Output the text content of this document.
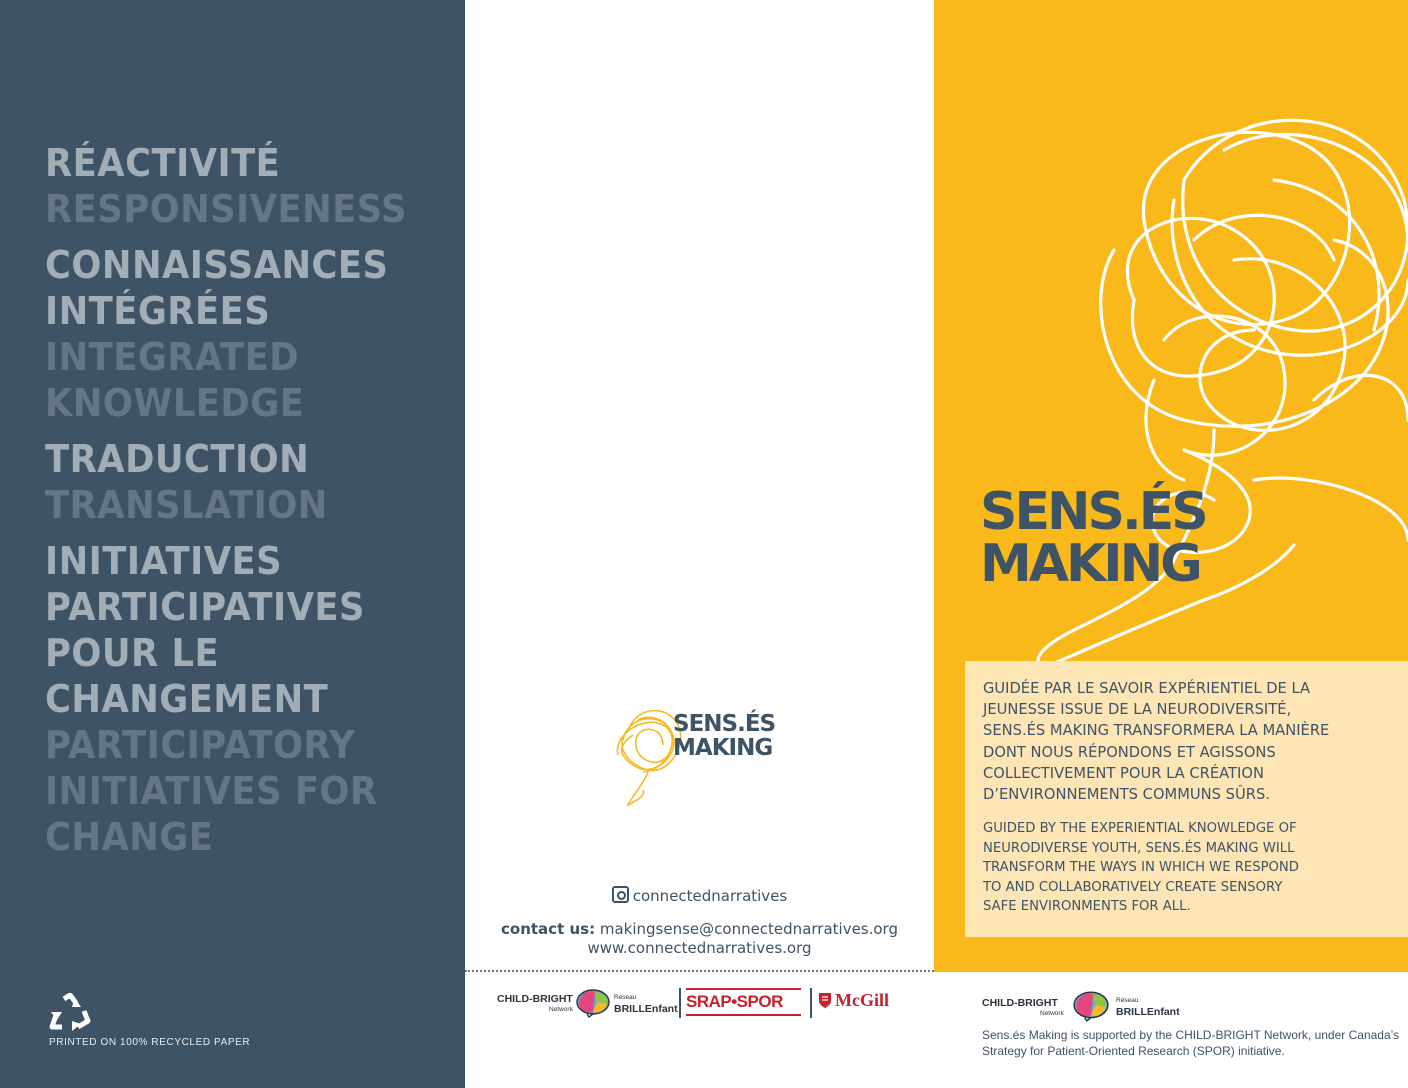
RÉACTIVITÉ
RESPONSIVENESS
CONNAISSANCES
INTÉGRÉES
INTEGRATED
KNOWLEDGE
TRADUCTION
TRANSLATION
INITIATIVES
PARTICIPATIVES
POUR LE
CHANGEMENT
PARTICIPATORY
INITIATIVES FOR
CHANGE
PRINTED ON 100% RECYCLED PAPER
SENS.ÉS
MAKING
connectednarratives
contact us: makingsense@connectednarratives.org
www.connectednarratives.org
CHILD-BRIGHT
Network
Réseau
BRILLEnfant SRAP•SPOR	McGill
SENS.ÉS
MAKING
GUIDÉE PAR LE SAVOIR EXPÉRIENTIEL DE LA
JEUNESSE ISSUE DE LA NEURODIVERSITÉ,
SENS.ÉS MAKING TRANSFORMERA LA MANIÈRE
DONT NOUS RÉPONDONS ET AGISSONS
COLLECTIVEMENT POUR LA CRÉATION
D’ENVIRONNEMENTS COMMUNS SÛRS.
GUIDED BY THE EXPERIENTIAL KNOWLEDGE OF
NEURODIVERSE YOUTH, SENS.ÉS MAKING WILL
TRANSFORM THE WAYS IN WHICH WE RESPOND
TO AND COLLABORATIVELY CREATE SENSORY
SAFE ENVIRONMENTS FOR ALL.
CHILD-BRIGHT
Network
Réseau
BRILLEnfant
Sens.és Making is supported by the CHILD-BRIGHT Network, under Canada’s Strategy for Patient-Oriented Research (SPOR) initiative.
